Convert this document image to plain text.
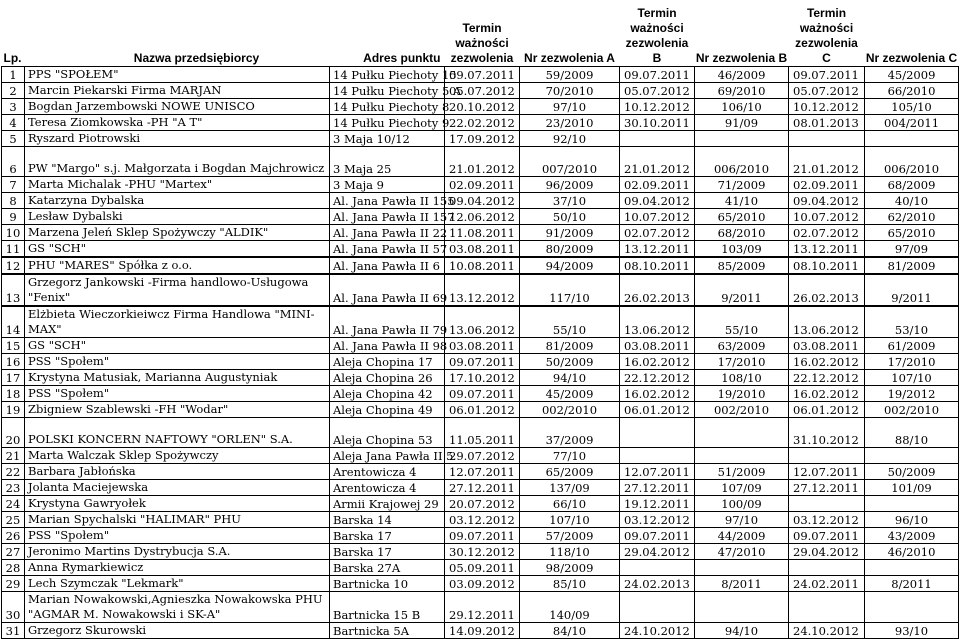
Lp.	Nazwa przedsiębiorcy	Adres punktu	Termin ważności zezwolenia	Nr zezwolenia A	Termin ważności zezwolenia B	Nr zezwolenia B	Termin ważności zezwolenia C	Nr zezwolenia C
1	PPS "SPOŁEM"	14 Pułku Piechoty 15	09.07.2011	59/2009	09.07.2011	46/2009	09.07.2011	45/2009
2	Marcin Piekarski Firma MARJAN	14 Pułku Piechoty 5 A	05.07.2012	70/2010	05.07.2012	69/2010	05.07.2012	66/2010
3	Bogdan Jarzembowski NOWE UNISCO	14 Pułku Piechoty 8	20.10.2012	97/10	10.12.2012	106/10	10.12.2012	105/10
4	Teresa Ziomkowska -PH "A T"	14 Pułku Piechoty 9	22.02.2012	23/2010	30.10.2011	91/09	08.01.2013	004/2011
5	Ryszard Piotrowski	3 Maja 10/12	17.09.2012	92/10				
6	PW "Margo" s.j. Małgorzata i Bogdan Majchrowicz	3 Maja 25	21.01.2012	007/2010	21.01.2012	006/2010	21.01.2012	006/2010
7	Marta Michalak -PHU "Martex"	3 Maja 9	02.09.2011	96/2009	02.09.2011	71/2009	02.09.2011	68/2009
8	Katarzyna Dybalska	Al. Jana Pawła II 155	09.04.2012	37/10	09.04.2012	41/10	09.04.2012	40/10
9	Lesław Dybalski	Al. Jana Pawła II 157	12.06.2012	50/10	10.07.2012	65/2010	10.07.2012	62/2010
10	Marzena Jeleń Sklep Spożywczy "ALDIK"	Al. Jana Pawła II 22	11.08.2011	91/2009	02.07.2012	68/2010	02.07.2012	65/2010
11	GS "SCH"	Al. Jana Pawła II 57	03.08.2011	80/2009	13.12.2011	103/09	13.12.2011	97/09
12	PHU "MARES" Spółka z o.o.	Al. Jana Pawła II 6	10.08.2011	94/2009	08.10.2011	85/2009	08.10.2011	81/2009
13	Grzegorz Jankowski -Firma handlowo-Usługowa "Fenix"	Al. Jana Pawła II 69	13.12.2012	117/10	26.02.2013	9/2011	26.02.2013	9/2011
14	Elżbieta Wieczorkieiwcz Firma Handlowa "MINI-MAX"	Al. Jana Pawła II 79	13.06.2012	55/10	13.06.2012	55/10	13.06.2012	53/10
15	GS "SCH"	Al. Jana Pawła II 98	03.08.2011	81/2009	03.08.2011	63/2009	03.08.2011	61/2009
16	PSS "Społem"	Aleja Chopina 17	09.07.2011	50/2009	16.02.2012	17/2010	16.02.2012	17/2010
17	Krystyna Matusiak, Marianna Augustyniak	Aleja Chopina 26	17.10.2012	94/10	22.12.2012	108/10	22.12.2012	107/10
18	PSS "Społem"	Aleja Chopina 42	09.07.2011	45/2009	16.02.2012	19/2010	16.02.2012	19/2012
19	Zbigniew Szablewski -FH "Wodar"	Aleja Chopina 49	06.01.2012	002/2010	06.01.2012	002/2010	06.01.2012	002/2010
20	POLSKI KONCERN NAFTOWY "ORLEN" S.A.	Aleja Chopina 53	11.05.2011	37/2009			31.10.2012	88/10
21	Marta Walczak Sklep Spożywczy	Aleja Jana Pawła II 5	29.07.2012	77/10				
22	Barbara Jabłońska	Arentowicza 4	12.07.2011	65/2009	12.07.2011	51/2009	12.07.2011	50/2009
23	Jolanta Maciejewska	Arentowicza 4	27.12.2011	137/09	27.12.2011	107/09	27.12.2011	101/09
24	Krystyna Gawryołek	Armii Krajowej 29	20.07.2012	66/10	19.12.2011	100/09		
25	Marian Spychalski "HALIMAR" PHU	Barska 14	03.12.2012	107/10	03.12.2012	97/10	03.12.2012	96/10
26	PSS "Społem"	Barska 17	09.07.2011	57/2009	09.07.2011	44/2009	09.07.2011	43/2009
27	Jeronimo Martins Dystrybucja S.A.	Barska 17	30.12.2012	118/10	29.04.2012	47/2010	29.04.2012	46/2010
28	Anna Rymarkiewicz	Barska 27A	05.09.2011	98/2009				
29	Lech Szymczak "Lekmark"	Bartnicka 10	03.09.2012	85/10	24.02.2013	8/2011	24.02.2011	8/2011
30	Marian Nowakowski,Agnieszka Nowakowska PHU "AGMAR M. Nowakowski i SK-A"	Bartnicka 15 B	29.12.2011	140/09				
31	Grzegorz Skurowski	Bartnicka 5A	14.09.2012	84/10	24.10.2012	94/10	24.10.2012	93/10
